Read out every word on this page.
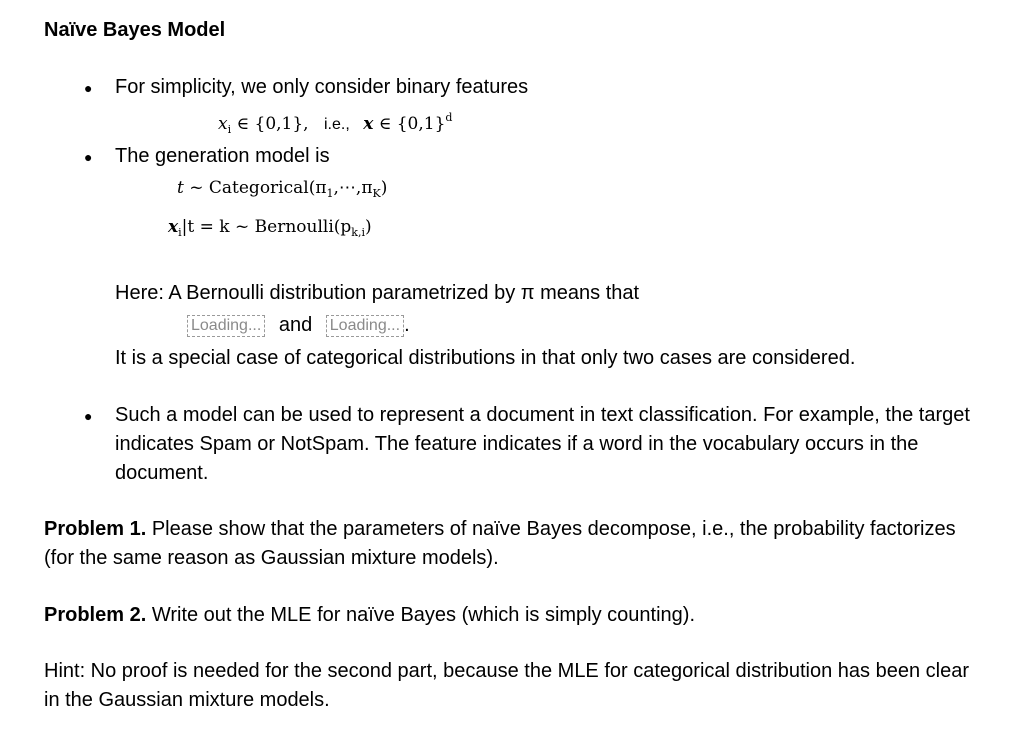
Naïve Bayes Model
● For simplicity, we only consider binary features
$x_i$ ∈ {0,1}, i.e., x ∈ $\{0,1\}^d$
● The generation model is
t ~ $Categorical(\pi_1,\cdots,\pi_K)$
$x_i|t = k$ ~ $Bernoulli(p_{k,i})$
Here: A Bernoulli distribution parametrized by π means that
Loading... and Loading... .
It is a special case of categorical distributions in that only two cases are considered.
● Such a model can be used to represent a document in text classification. For example, the target indicates Spam or NotSpam. The feature indicates if a word in the vocabulary occurs in the document.
Problem 1. Please show that the parameters of naïve Bayes decompose, i.e., the probability factorizes (for the same reason as Gaussian mixture models).
Problem 2. Write out the MLE for naïve Bayes (which is simply counting).
Hint: No proof is needed for the second part, because the MLE for categorical distribution has been clear in the Gaussian mixture models.
